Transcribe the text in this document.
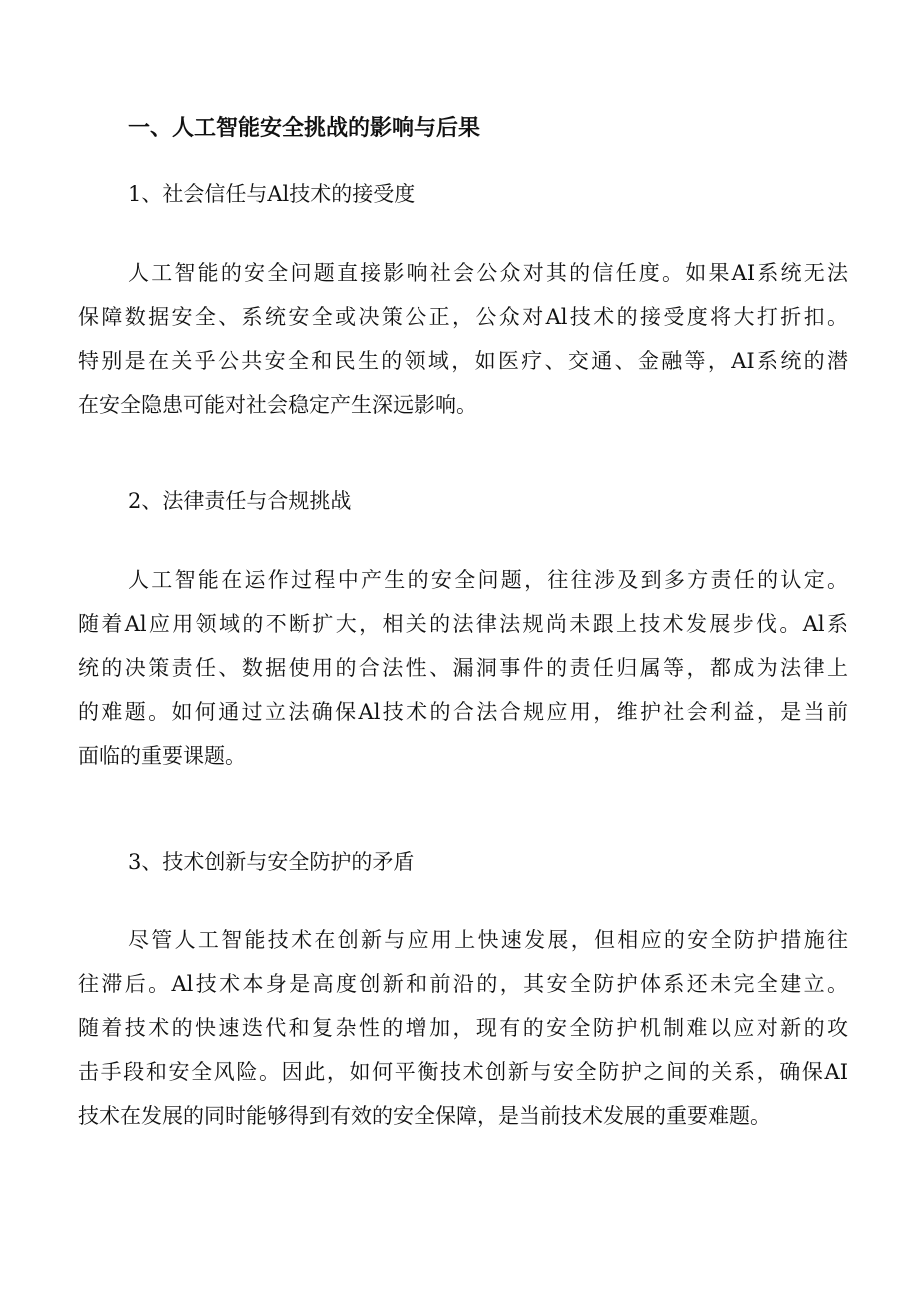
一、人工智能安全挑战的影响与后果
1、社会信任与Al技术的接受度
人工智能的安全问题直接影响社会公众对其的信任度。如果AI系统无法
保障数据安全、系统安全或决策公正，公众对Al技术的接受度将大打折扣。
特别是在关乎公共安全和民生的领域，如医疗、交通、金融等，AI系统的潜
在安全隐患可能对社会稳定产生深远影响。
2、法律责任与合规挑战
人工智能在运作过程中产生的安全问题，往往涉及到多方责任的认定。
随着Al应用领域的不断扩大，相关的法律法规尚未跟上技术发展步伐。Al系
统的决策责任、数据使用的合法性、漏洞事件的责任归属等，都成为法律上
的难题。如何通过立法确保Al技术的合法合规应用，维护社会利益，是当前
面临的重要课题。
3、技术创新与安全防护的矛盾
尽管人工智能技术在创新与应用上快速发展，但相应的安全防护措施往
往滞后。Al技术本身是高度创新和前沿的，其安全防护体系还未完全建立。
随着技术的快速迭代和复杂性的增加，现有的安全防护机制难以应对新的攻
击手段和安全风险。因此，如何平衡技术创新与安全防护之间的关系，确保AI
技术在发展的同时能够得到有效的安全保障，是当前技术发展的重要难题。
